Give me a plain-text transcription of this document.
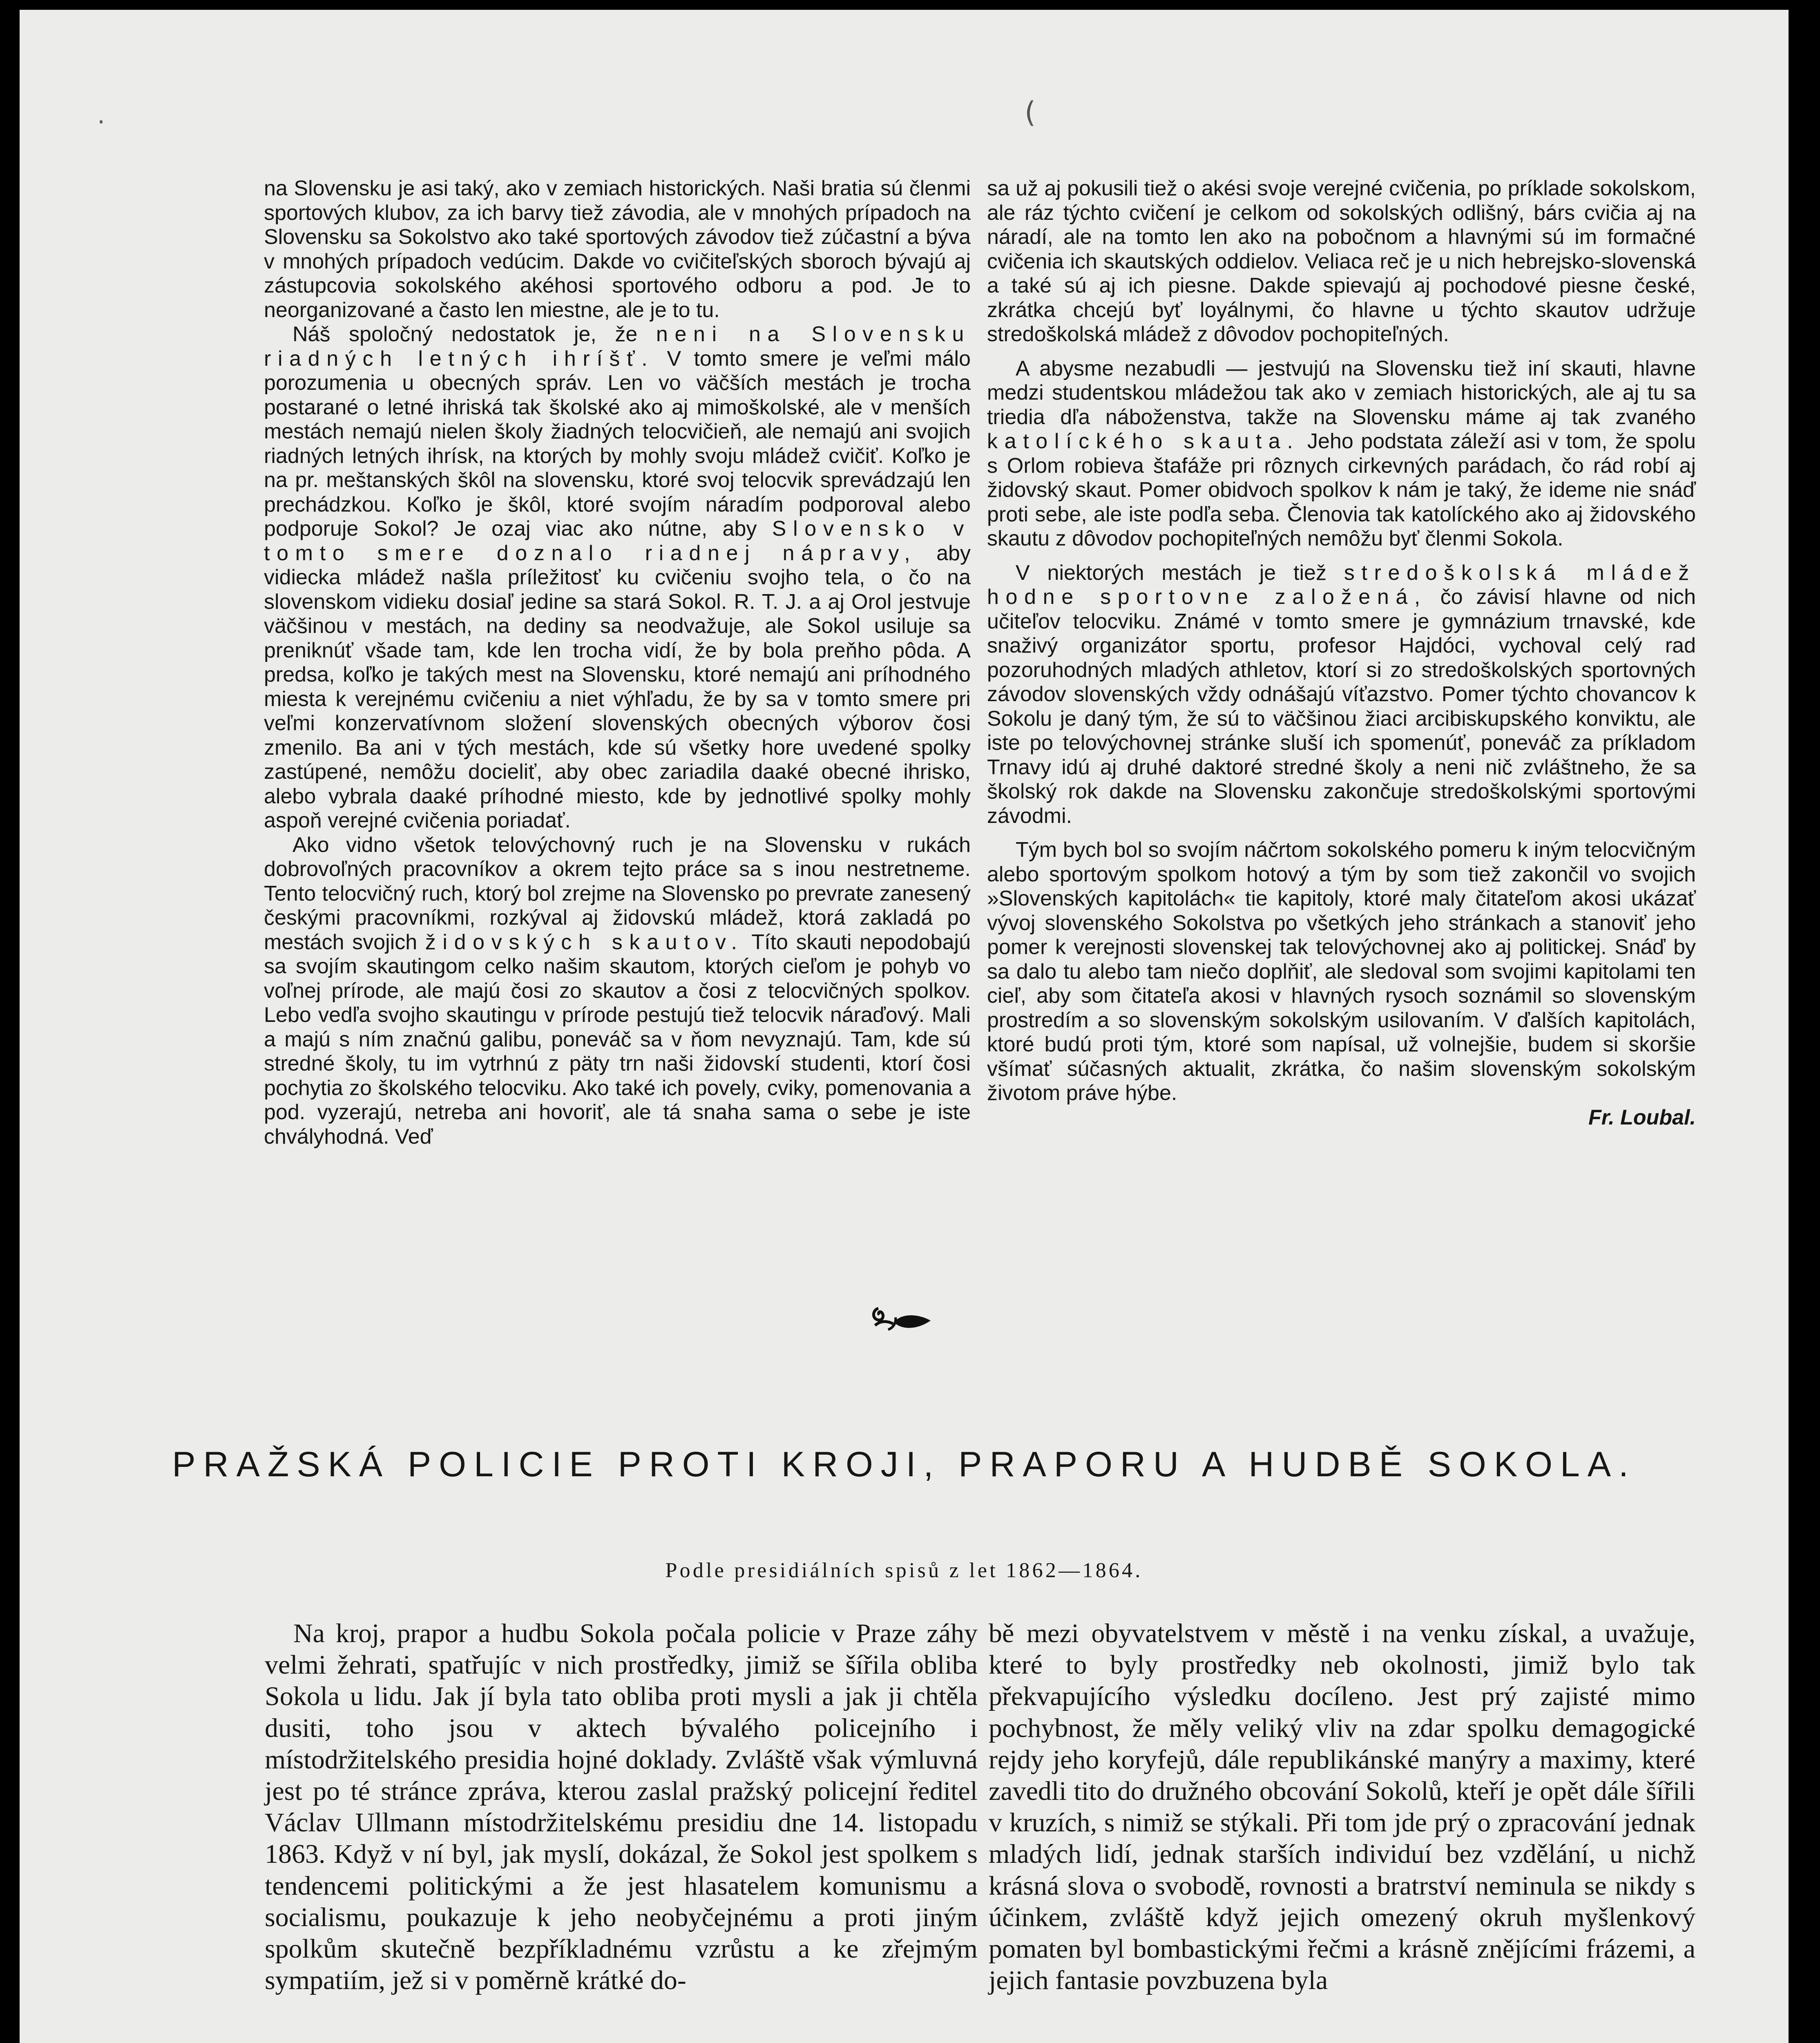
·	(

na Slovensku je asi taký, ako v zemiach historických. Naši bratia sú členmi sportových klubov, za ich barvy tiež závodia, ale v mnohých prípadoch na Slovensku sa Sokolstvo ako také sportových závodov tiež zúčastní a býva v mnohých prípadoch vedúcim. Dakde vo cvičiteľských sboroch bývajú aj zástupcovia sokolského akéhosi sportového odboru a pod. Je to neorganizované a často len miestne, ale je to tu.

Náš spoločný nedostatok je, že neni na Slovensku riadných letných ihríšť. V tomto smere je veľmi málo porozumenia u obecných správ. Len vo väčších mestách je trocha postarané o letné ihriská tak školské ako aj mimoškolské, ale v menších mestách nemajú nielen školy žiadných telocvičieň, ale nemajú ani svojich riadných letných ihrísk, na ktorých by mohly svoju mládež cvičiť. Koľko je na pr. meštanských škôl na slovensku, ktoré svoj telocvik sprevádzajú len prechádzkou. Koľko je škôl, ktoré svojím náradím podporoval alebo podporuje Sokol? Je ozaj viac ako nútne, aby Slovensko v tomto smere doznalo riadnej nápravy, aby vidiecka mládež našla príležitosť ku cvičeniu svojho tela, o čo na slovenskom vidieku dosiaľ jedine sa stará Sokol. R. T. J. a aj Orol jestvuje väčšinou v mestách, na dediny sa neodvažuje, ale Sokol usiluje sa preniknúť všade tam, kde len trocha vidí, že by bola preňho pôda. A predsa, koľko je takých mest na Slovensku, ktoré nemajú ani príhodného miesta k verejnému cvičeniu a niet výhľadu, že by sa v tomto smere pri veľmi konzervatívnom složení slovenských obecných výborov čosi zmenilo. Ba ani v tých mestách, kde sú všetky hore uvedené spolky zastúpené, nemôžu docieliť, aby obec zariadila daaké obecné ihrisko, alebo vybrala daaké príhodné miesto, kde by jednotlivé spolky mohly aspoň verejné cvičenia poriadať.

Ako vidno všetok telovýchovný ruch je na Slovensku v rukách dobrovoľných pracovníkov a okrem tejto práce sa s inou nestretneme. Tento telocvičný ruch, ktorý bol zrejme na Slovensko po prevrate zanesený českými pracovníkmi, rozkýval aj židovskú mládež, ktorá zakladá po mestách svojich židovských skautov. Títo skauti nepodobajú sa svojím skautingom celko našim skautom, ktorých cieľom je pohyb vo voľnej prírode, ale majú čosi zo skautov a čosi z telocvičných spolkov. Lebo vedľa svojho skautingu v prírode pestujú tiež telocvik náraďový. Mali a majú s ním značnú galibu, poneváč sa v ňom nevyznajú. Tam, kde sú stredné školy, tu im vytrhnú z päty trn naši židovskí studenti, ktorí čosi pochytia zo školského telocviku. Ako také ich povely, cviky, pomenovania a pod. vyzerajú, netreba ani hovoriť, ale tá snaha sama o sebe je iste chvályhodná. Veď

sa už aj pokusili tiež o akési svoje verejné cvičenia, po príklade sokolskom, ale ráz týchto cvičení je celkom od sokolských odlišný, bárs cvičia aj na náradí, ale na tomto len ako na pobočnom a hlavnými sú im formačné cvičenia ich skautských oddielov. Veliaca reč je u nich hebrejsko-slovenská a také sú aj ich piesne. Dakde spievajú aj pochodové piesne české, zkrátka chcejú byť loyálnymi, čo hlavne u týchto skautov udržuje stredoškolská mládež z dôvodov pochopiteľných.

A abysme nezabudli — jestvujú na Slovensku tiež iní skauti, hlavne medzi studentskou mládežou tak ako v zemiach historických, ale aj tu sa triedia dľa náboženstva, takže na Slovensku máme aj tak zvaného katolíckého skauta. Jeho podstata záleží asi v tom, že spolu s Orlom robieva štafáže pri rôznych cirkevných parádach, čo rád robí aj židovský skaut. Pomer obidvoch spolkov k nám je taký, že ideme nie snáď proti sebe, ale iste podľa seba. Členovia tak katolíckého ako aj židovského skautu z dôvodov pochopiteľných nemôžu byť členmi Sokola.

V niektorých mestách je tiež stredoškolská mládež hodne sportovne založená, čo závisí hlavne od nich učiteľov telocviku. Známé v tomto smere je gymnázium trnavské, kde snaživý organizátor sportu, profesor Hajdóci, vychoval celý rad pozoruhodných mladých athletov, ktorí si zo stredoškolských sportovných závodov slovenských vždy odnášajú víťazstvo. Pomer týchto chovancov k Sokolu je daný tým, že sú to väčšinou žiaci arcibiskupského konviktu, ale iste po telovýchovnej stránke sluší ich spomenúť, poneváč za príkladom Trnavy idú aj druhé daktoré stredné školy a neni nič zvláštneho, že sa školský rok dakde na Slovensku zakončuje stredoškolskými sportovými závodmi.

Tým bych bol so svojím náčrtom sokolského pomeru k iným telocvičným alebo sportovým spolkom hotový a tým by som tiež zakončil vo svojich »Slovenských kapitolách« tie kapitoly, ktoré maly čitateľom akosi ukázať vývoj slovenského Sokolstva po všetkých jeho stránkach a stanoviť jeho pomer k verejnosti slovenskej tak telovýchovnej ako aj politickej. Snáď by sa dalo tu alebo tam niečo doplňiť, ale sledoval som svojimi kapitolami ten cieľ, aby som čitateľa akosi v hlavných rysoch soznámil so slovenským prostredím a so slovenským sokolským usilovaním. V ďalších kapitolách, ktoré budú proti tým, ktoré som napísal, už volnejšie, budem si skoršie všímať súčasných aktualit, zkrátka, čo našim slovenským sokolským životom práve hýbe.

Fr. Loubal.

PRAŽSKÁ POLICIE PROTI KROJI, PRAPORU A HUDBĚ SOKOLA.

Podle presidiálních spisů z let 1862—1864.

Na kroj, prapor a hudbu Sokola počala policie v Praze záhy velmi žehrati, spatřujíc v nich prostředky, jimiž se šířila obliba Sokola u lidu. Jak jí byla tato obliba proti mysli a jak ji chtěla dusiti, toho jsou v aktech bývalého policejního i místodržitelského presidia hojné doklady. Zvláště však výmluvná jest po té stránce zpráva, kterou zaslal pražský policejní ředitel Václav Ullmann místodržitelskému presidiu dne 14. listopadu 1863. Když v ní byl, jak myslí, dokázal, že Sokol jest spolkem s tendencemi politickými a že jest hlasatelem komunismu a socialismu, poukazuje k jeho neobyčejnému a proti jiným spolkům skutečně bezpříkladnému vzrůstu a ke zřejmým sympatiím, jež si v poměrně krátké do-

bě mezi obyvatelstvem v městě i na venku získal, a uvažuje, které to byly prostředky neb okolnosti, jimiž bylo tak překvapujícího výsledku docíleno. Jest prý zajisté mimo pochybnost, že měly veliký vliv na zdar spolku demagogické rejdy jeho koryfejů, dále republikánské manýry a maximy, které zavedli tito do družného obcování Sokolů, kteří je opět dále šířili v kruzích, s nimiž se stýkali. Při tom jde prý o zpracování jednak mladých lidí, jednak starších individuí bez vzdělání, u nichž krásná slova o svobodě, rovnosti a bratrství neminula se nikdy s účinkem, zvláště když jejich omezený okruh myšlenkový pomaten byl bombastickými řečmi a krásně znějícími frázemi, a jejich fantasie povzbuzena byla
